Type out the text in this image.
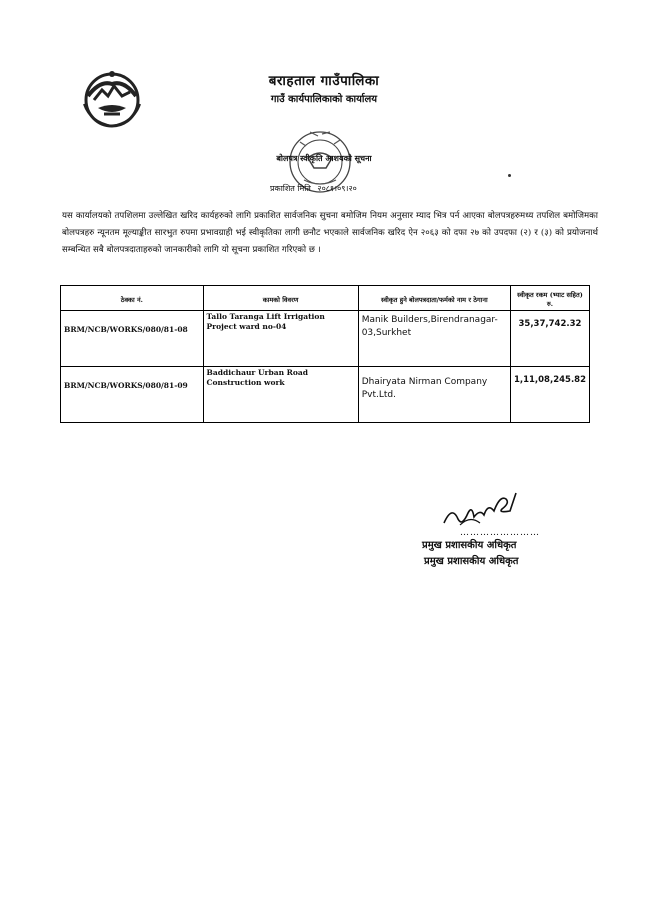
बराहताल गाउँपालिका
गाउँ कार्यपालिकाको कार्यालय
बोलपत्र स्वीकृति आशयको सूचना
प्रकाशित मिति २०८१।०९।२०
यस कार्यालयको तपशिलमा उल्लेखित खरिद कार्यहरुको लागि प्रकाशित सार्वजनिक सुचना बमोजिम नियम अनुसार म्याद भित्र पर्न आएका बोलपत्रहरुमध्य तपशिल बमोजिमका बोलपत्रहरु न्यूनतम मूल्याङ्कीत सारभुत रुपमा प्रभावग्राही भई स्वीकृतिका लागी छनौट भएकाले सार्वजनिक खरिद ऐन २०६३ को दफा २७ को उपदफा (२) र (३) को प्रयोजनार्थ सम्बन्धित सबै बोलपत्रदाताहरुको जानकारीको लागि यो सूचना प्रकाशित गरिएको छ ।
ठेक्का नं.	कामको विवरण	स्वीकृत हुने बोलपत्रदाता/फर्मको नाम र ठेगाना	स्वीकृत रकम (भ्याट सहित) रु.
BRM/NCB/WORKS/080/81-08	Tallo Taranga Lift Irrigation Project ward no-04	Manik Builders,Birendranagar-03,Surkhet	35,37,742.32
BRM/NCB/WORKS/080/81-09	Baddichaur Urban Road Construction work	Dhairyata Nirman Company Pvt.Ltd.	1,11,08,245.82
……………………
प्रमुख प्रशासकीय अधिकृत
प्रमुख प्रशासकीय अधिकृत
